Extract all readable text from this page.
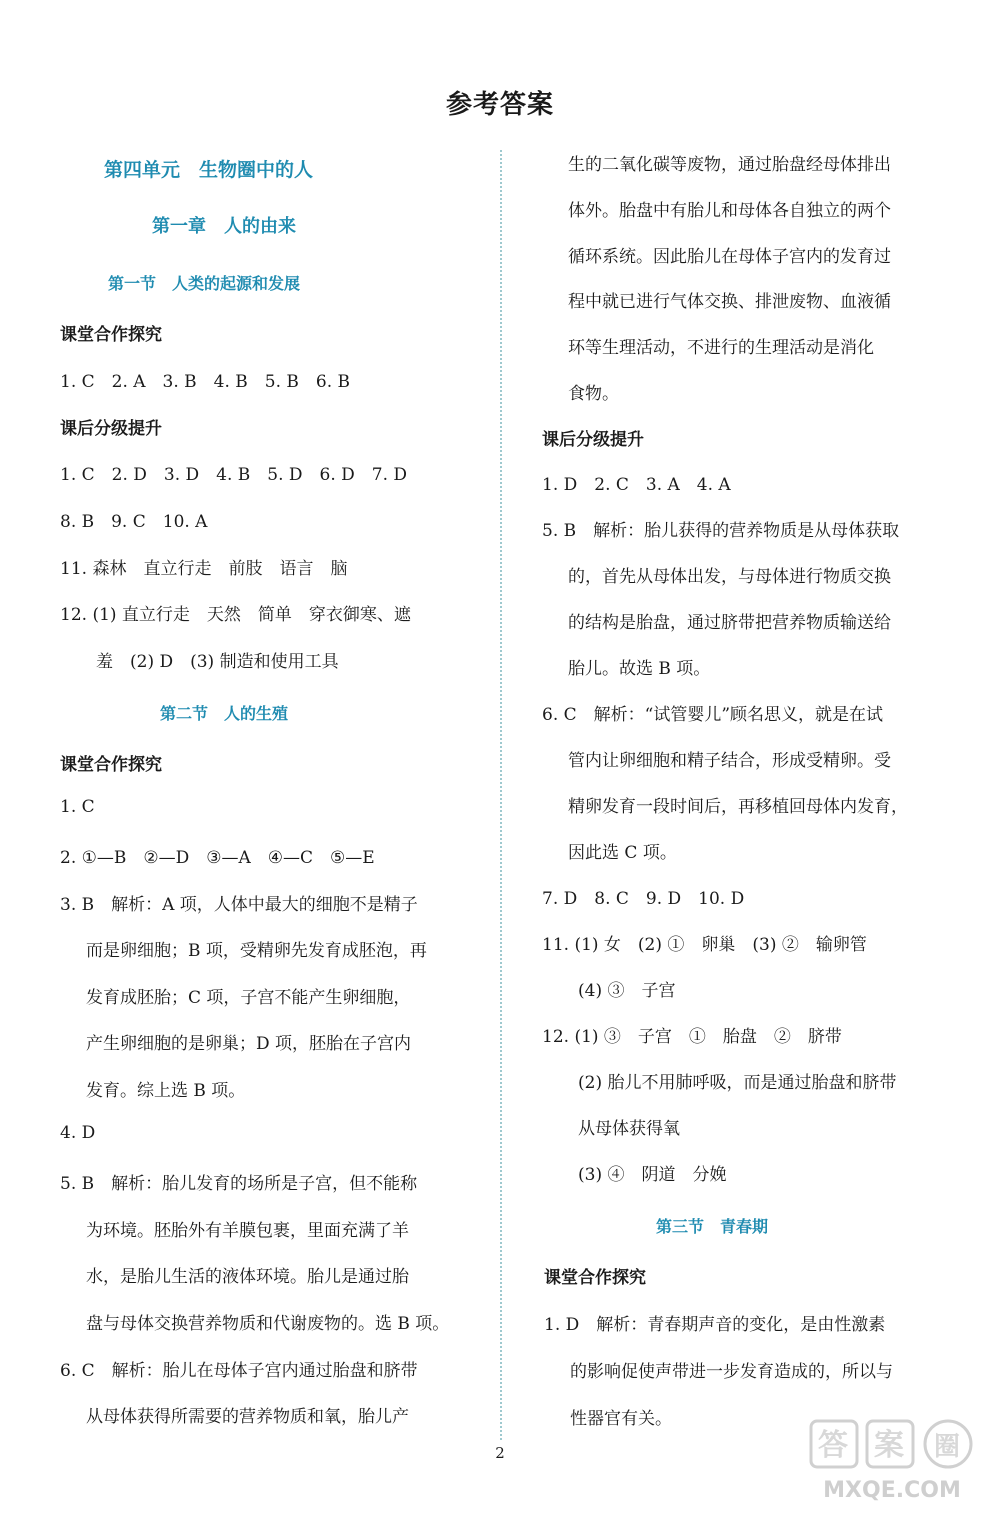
参考答案
第四单元　生物圈中的人
第一章　人的由来
第一节　人类的起源和发展
课堂合作探究
1. C　2. A　3. B　4. B　5. B　6. B
课后分级提升
1. C　2. D　3. D　4. B　5. D　6. D　7. D
8. B　9. C　10. A
11. 森林　直立行走　前肢　语言　脑
12. (1) 直立行走　天然　简单　穿衣御寒、遮
羞　(2) D　(3) 制造和使用工具
第二节　人的生殖
课堂合作探究
1. C
2. ①—B　②—D　③—A　④—C　⑤—E
3. B　解析：A 项，人体中最大的细胞不是精子
而是卵细胞；B 项，受精卵先发育成胚泡，再
发育成胚胎；C 项，子宫不能产生卵细胞，
产生卵细胞的是卵巢；D 项，胚胎在子宫内
发育。综上选 B 项。
4. D
5. B　解析：胎儿发育的场所是子宫，但不能称
为环境。胚胎外有羊膜包裹，里面充满了羊
水，是胎儿生活的液体环境。胎儿是通过胎
盘与母体交换营养物质和代谢废物的。选 B 项。
6. C　解析：胎儿在母体子宫内通过胎盘和脐带
从母体获得所需要的营养物质和氧，胎儿产
生的二氧化碳等废物，通过胎盘经母体排出
体外。胎盘中有胎儿和母体各自独立的两个
循环系统。因此胎儿在母体子宫内的发育过
程中就已进行气体交换、排泄废物、血液循
环等生理活动，不进行的生理活动是消化
食物。
课后分级提升
1. D　2. C　3. A　4. A
5. B　解析：胎儿获得的营养物质是从母体获取
的，首先从母体出发，与母体进行物质交换
的结构是胎盘，通过脐带把营养物质输送给
胎儿。故选 B 项。
6. C　解析：“试管婴儿”顾名思义，就是在试
管内让卵细胞和精子结合，形成受精卵。受
精卵发育一段时间后，再移植回母体内发育，
因此选 C 项。
7. D　8. C　9. D　10. D
11. (1) 女　(2) ①　卵巢　(3) ②　输卵管
(4) ③　子宫
12. (1) ③　子宫　①　胎盘　②　脐带
(2) 胎儿不用肺呼吸，而是通过胎盘和脐带
从母体获得氧
(3) ④　阴道　分娩
第三节　青春期
课堂合作探究
1. D　解析：青春期声音的变化，是由性激素
的影响促使声带进一步发育造成的，所以与
性器官有关。
2	答 案 圈
MXQE.COM
